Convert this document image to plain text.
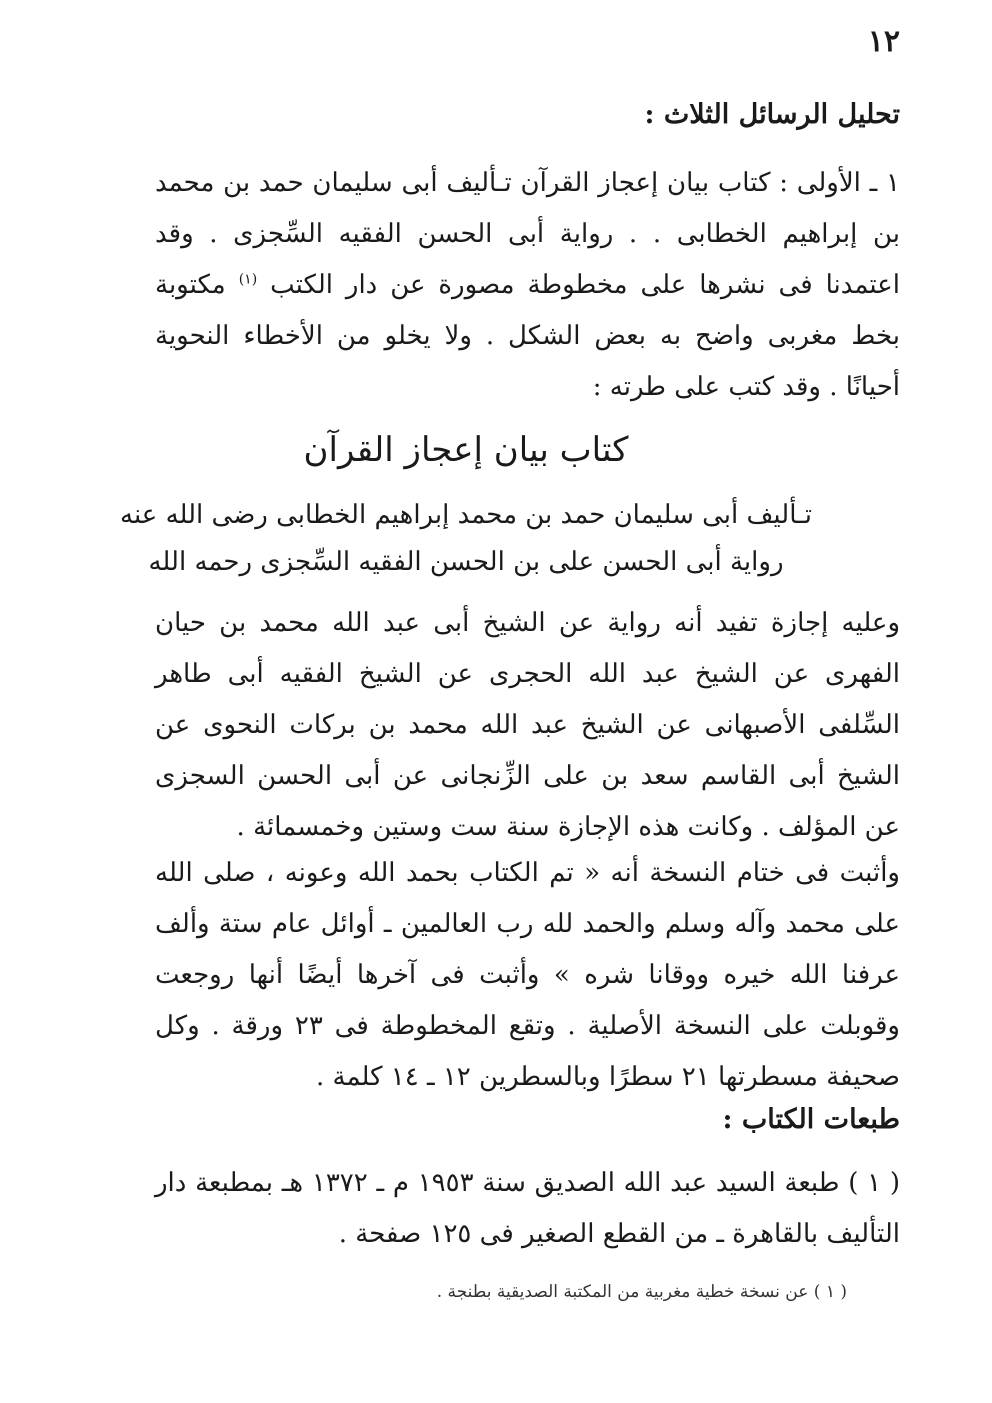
١٢
تحليل الرسائل الثلاث :

١ ـ الأولى : كتاب بيان إعجاز القرآن تـأليف أبى سليمان حمد بن محمد بن إبراهيم الخطابى . . رواية أبى الحسن الفقيه السِّجزى . وقد اعتمدنا فى نشرها على مخطوطة مصورة عن دار الكتب $^{(١)}$ مكتوبة بخط مغربى واضح به بعض الشكل . ولا يخلو من الأخطاء النحوية أحيانًا . وقد كتب على طرته :

كتاب بيان إعجاز القرآن
تـأليف أبى سليمان حمد بن محمد إبراهيم الخطابى رضى الله عنه
رواية أبى الحسن على بن الحسن الفقيه السِّجزى رحمه الله

وعليه إجازة تفيد أنه رواية عن الشيخ أبى عبد الله محمد بن حيان الفهرى عن الشيخ عبد الله الحجرى عن الشيخ الفقيه أبى طاهر السِّلفى الأصبهانى عن الشيخ عبد الله محمد بن بركات النحوى عن الشيخ أبى القاسم سعد بن على الزِّنجانى عن أبى الحسن السجزى عن المؤلف . وكانت هذه الإجازة سنة ست وستين وخمسمائة .

وأثبت فى ختام النسخة أنه « تم الكتاب بحمد الله وعونه ، صلى الله على محمد وآله وسلم والحمد لله رب العالمين ـ أوائل عام ستة وألف عرفنا الله خيره ووقانا شره » وأثبت فى آخرها أيضًا أنها روجعت وقوبلت على النسخة الأصلية . وتقع المخطوطة فى ٢٣ ورقة . وكل صحيفة مسطرتها ٢١ سطرًا وبالسطرين ١٢ ـ ١٤ كلمة .

طبعات الكتاب :

( ١ ) طبعة السيد عبد الله الصديق سنة ١٩٥٣ م ـ ١٣٧٢ هـ بمطبعة دار التأليف بالقاهرة ـ من القطع الصغير فى ١٢٥ صفحة .

( ١ ) عن نسخة خطية مغربية من المكتبة الصديقية بطنجة .
